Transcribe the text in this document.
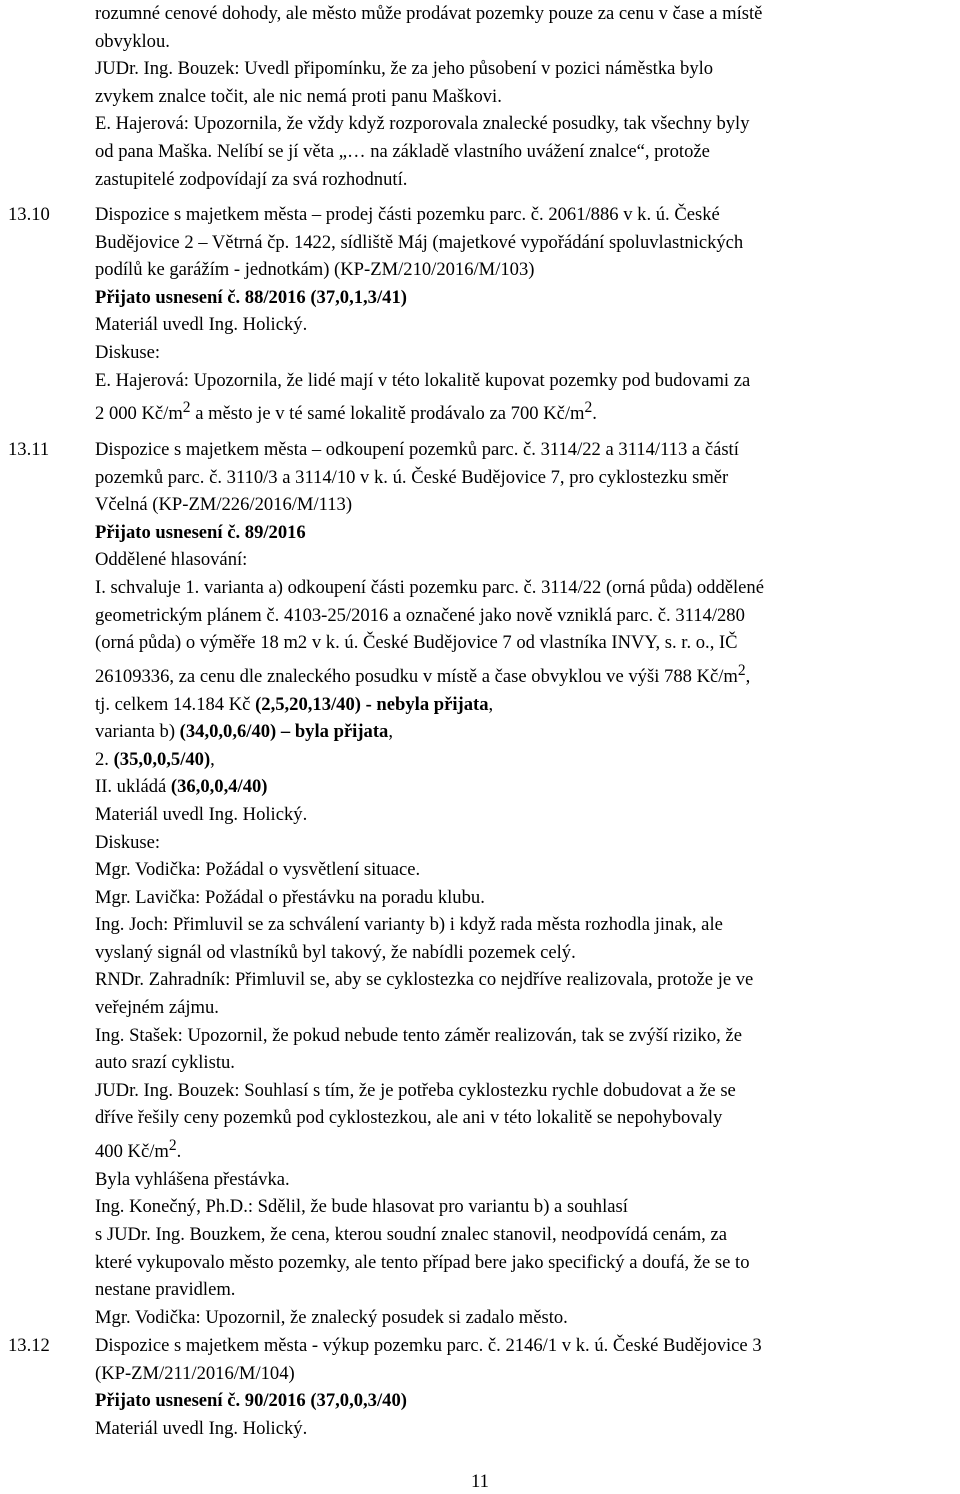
rozumné cenové dohody, ale město může prodávat pozemky pouze za cenu v čase a místě

obvyklou.

JUDr. Ing. Bouzek: Uvedl připomínku, že za jeho působení v pozici náměstka bylo

zvykem znalce točit, ale nic nemá proti panu Maškovi.

E. Hajerová: Upozornila, že vždy když rozporovala znalecké posudky, tak všechny byly

od pana Maška. Nelíbí se jí věta „… na základě vlastního uvážení znalce“, protože

zastupitelé zodpovídají za svá rozhodnutí.

13.10 Dispozice s majetkem města – prodej části pozemku parc. č. 2061/886 v k. ú. České

Budějovice 2 – Větrná čp. 1422, sídliště Máj (majetkové vypořádání spoluvlastnických

podílů ke garážím - jednotkám) (KP-ZM/210/2016/M/103)

Přijato usnesení č. 88/2016 (37,0,1,3/41)

Materiál uvedl Ing. Holický.

Diskuse:

E. Hajerová: Upozornila, že lidé mají v této lokalitě kupovat pozemky pod budovami za

2 000 $Kč/m^2$ a město je v té samé lokalitě prodávalo za 700 $Kč/m^2$.

13.11 Dispozice s majetkem města – odkoupení pozemků parc. č. 3114/22 a 3114/113 a částí

pozemků parc. č. 3110/3 a 3114/10 v k. ú. České Budějovice 7, pro cyklostezku směr

Včelná (KP-ZM/226/2016/M/113)

Přijato usnesení č. 89/2016

Oddělené hlasování:

I. schvaluje 1. varianta a) odkoupení části pozemku parc. č. 3114/22 (orná půda) oddělené

geometrickým plánem č. 4103-25/2016 a označené jako nově vzniklá parc. č. 3114/280

(orná půda) o výměře 18 m2 v k. ú. České Budějovice 7 od vlastníka INVY, s. r. o., IČ

26109336, za cenu dle znaleckého posudku v místě a čase obvyklou ve výši 788 $Kč/m^2$,

tj. celkem 14.184 Kč (2,5,20,13/40) - nebyla přijata,

varianta b) (34,0,0,6/40) – byla přijata,

2. (35,0,0,5/40),

II. ukládá (36,0,0,4/40)

Materiál uvedl Ing. Holický.

Diskuse:

Mgr. Vodička: Požádal o vysvětlení situace.

Mgr. Lavička: Požádal o přestávku na poradu klubu.

Ing. Joch: Přimluvil se za schválení varianty b) i když rada města rozhodla jinak, ale

vyslaný signál od vlastníků byl takový, že nabídli pozemek celý.

RNDr. Zahradník: Přimluvil se, aby se cyklostezka co nejdříve realizovala, protože je ve

veřejném zájmu.

Ing. Stašek: Upozornil, že pokud nebude tento záměr realizován, tak se zvýší riziko, že

auto srazí cyklistu.

JUDr. Ing. Bouzek: Souhlasí s tím, že je potřeba cyklostezku rychle dobudovat a že se

dříve řešily ceny pozemků pod cyklostezkou, ale ani v této lokalitě se nepohybovaly

400 $Kč/m^2$.

Byla vyhlášena přestávka.

Ing. Konečný, Ph.D.: Sdělil, že bude hlasovat pro variantu b) a souhlasí

s JUDr. Ing. Bouzkem, že cena, kterou soudní znalec stanovil, neodpovídá cenám, za

které vykupovalo město pozemky, ale tento případ bere jako specifický a doufá, že se to

nestane pravidlem.

Mgr. Vodička: Upozornil, že znalecký posudek si zadalo město.

13.12 Dispozice s majetkem města - výkup pozemku parc. č. 2146/1 v k. ú. České Budějovice 3

(KP-ZM/211/2016/M/104)

Přijato usnesení č. 90/2016 (37,0,0,3/40)

Materiál uvedl Ing. Holický.

11
